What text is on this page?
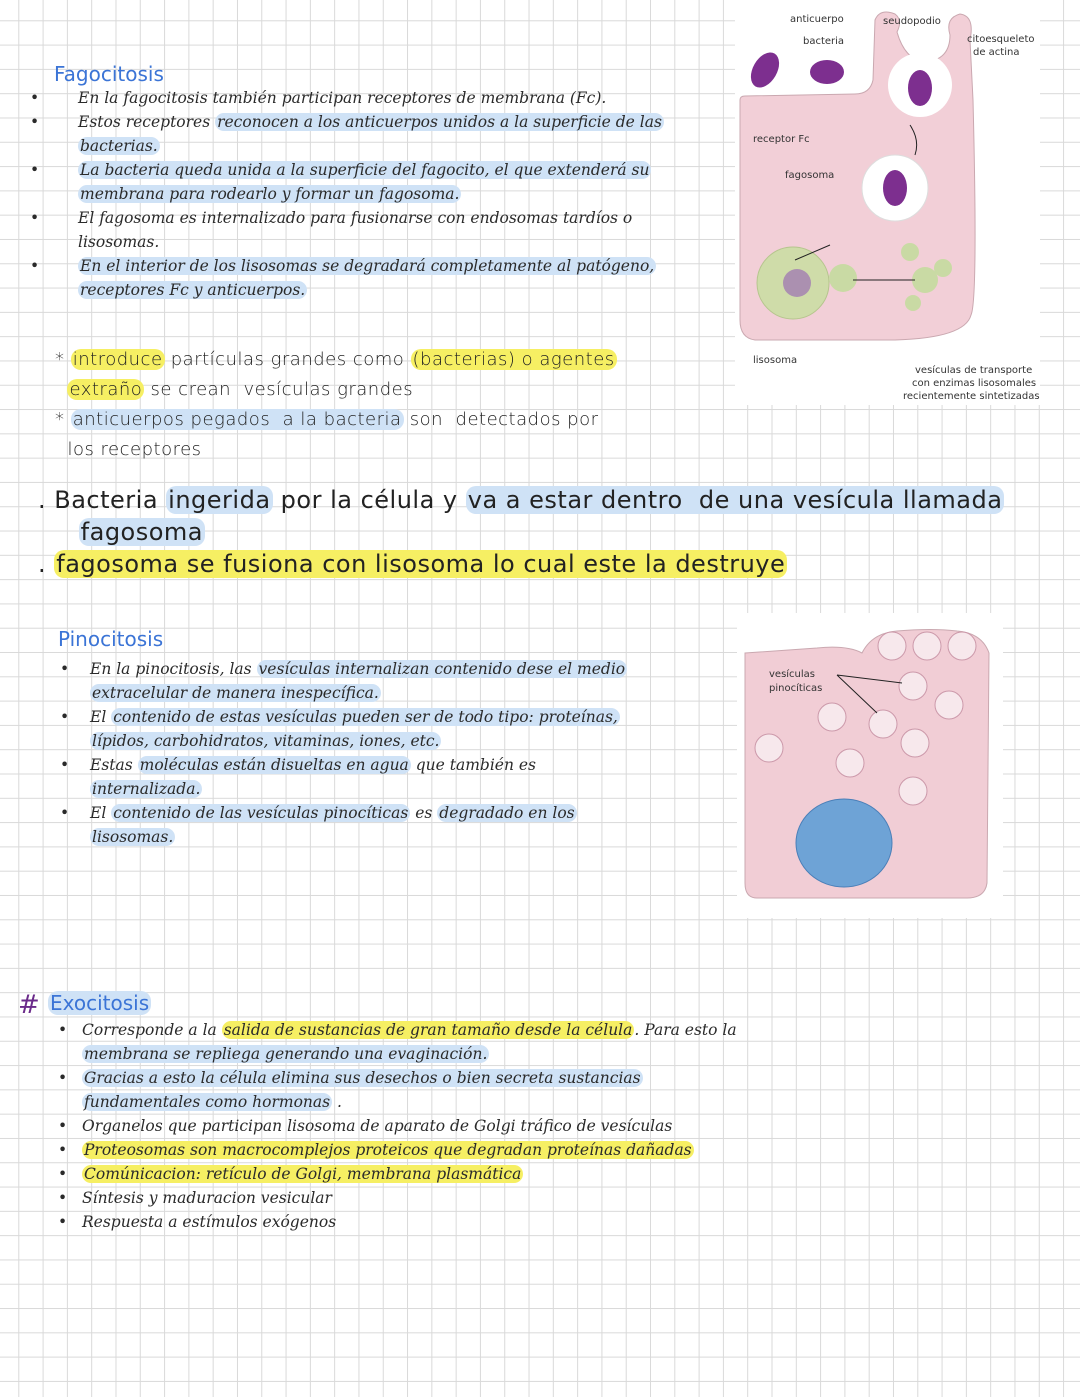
Fagocitosis
•	En la fagocitosis también participan receptores de membrana (Fc).
•	Estos receptores reconocen a los anticuerpos unidos a la superficie de las
bacterias.
•	La bacteria queda unida a la superficie del fagocito, el que extenderá su
membrana para rodearlo y formar un fagosoma.
•	El fagosoma es internalizado para fusionarse con endosomas tardíos o
lisosomas.
•	En el interior de los lisosomas se degradará completamente al patógeno,
receptores Fc y anticuerpos.
* introduce partículas grandes como (bacterias) o agentes
extraño se crean  vesículas grandes
* anticuerpos pegados  a la bacteria son  detectados por
los receptores
. Bacteria ingerida por la célula y va a estar dentro  de una vesícula llamada
fagosoma
. fagosoma se fusiona con lisosoma lo cual este la destruye
anticuerpo
bacteria
seudopodio
citoesqueleto
de actina
receptor Fc
fagosoma
lisosoma
vesículas de transporte
con enzimas lisosomales
recientemente sintetizadas
Pinocitosis
• En la pinocitosis, las vesículas internalizan contenido dese el medio
extracelular de manera inespecífica.
• El contenido de estas vesículas pueden ser de todo tipo: proteínas,
lípidos, carbohidratos, vitaminas, iones, etc.
• Estas moléculas están disueltas en agua que también es
internalizada.
• El contenido de las vesículas pinocíticas es degradado en los
lisosomas.
vesículas
pinocíticas
# Exocitosis
• Corresponde a la salida de sustancias de gran tamaño desde la célula . Para esto la
membrana se repliega generando una evaginación.
• Gracias a esto la célula elimina sus desechos o bien secreta sustancias
fundamentales como hormonas .
• Organelos que participan lisosoma de aparato de Golgi tráfico de vesículas
• Proteosomas son macrocomplejos proteicos que degradan proteínas dañadas
• Comúnicacion: retículo de Golgi, membrana plasmática
• Síntesis y maduracion vesicular
• Respuesta a estímulos exógenos
